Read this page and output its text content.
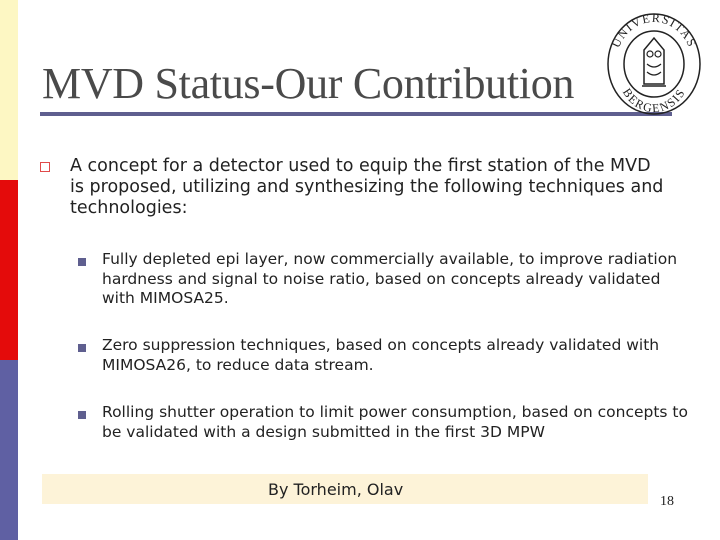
MVD Status-Our Contribution
UNIVERSITAS
BERGENSIS
A concept for a detector used to equip the first station of the MVD is proposed, utilizing and synthesizing the following techniques and technologies:
Fully depleted epi layer, now commercially available, to improve radiation hardness and signal to noise ratio, based on concepts already validated with MIMOSA25.
Zero suppression techniques, based on concepts already validated with MIMOSA26, to reduce data stream.
Rolling shutter operation to limit power consumption, based on concepts to be validated with a design submitted in the first 3D MPW
By Torheim, Olav
18
